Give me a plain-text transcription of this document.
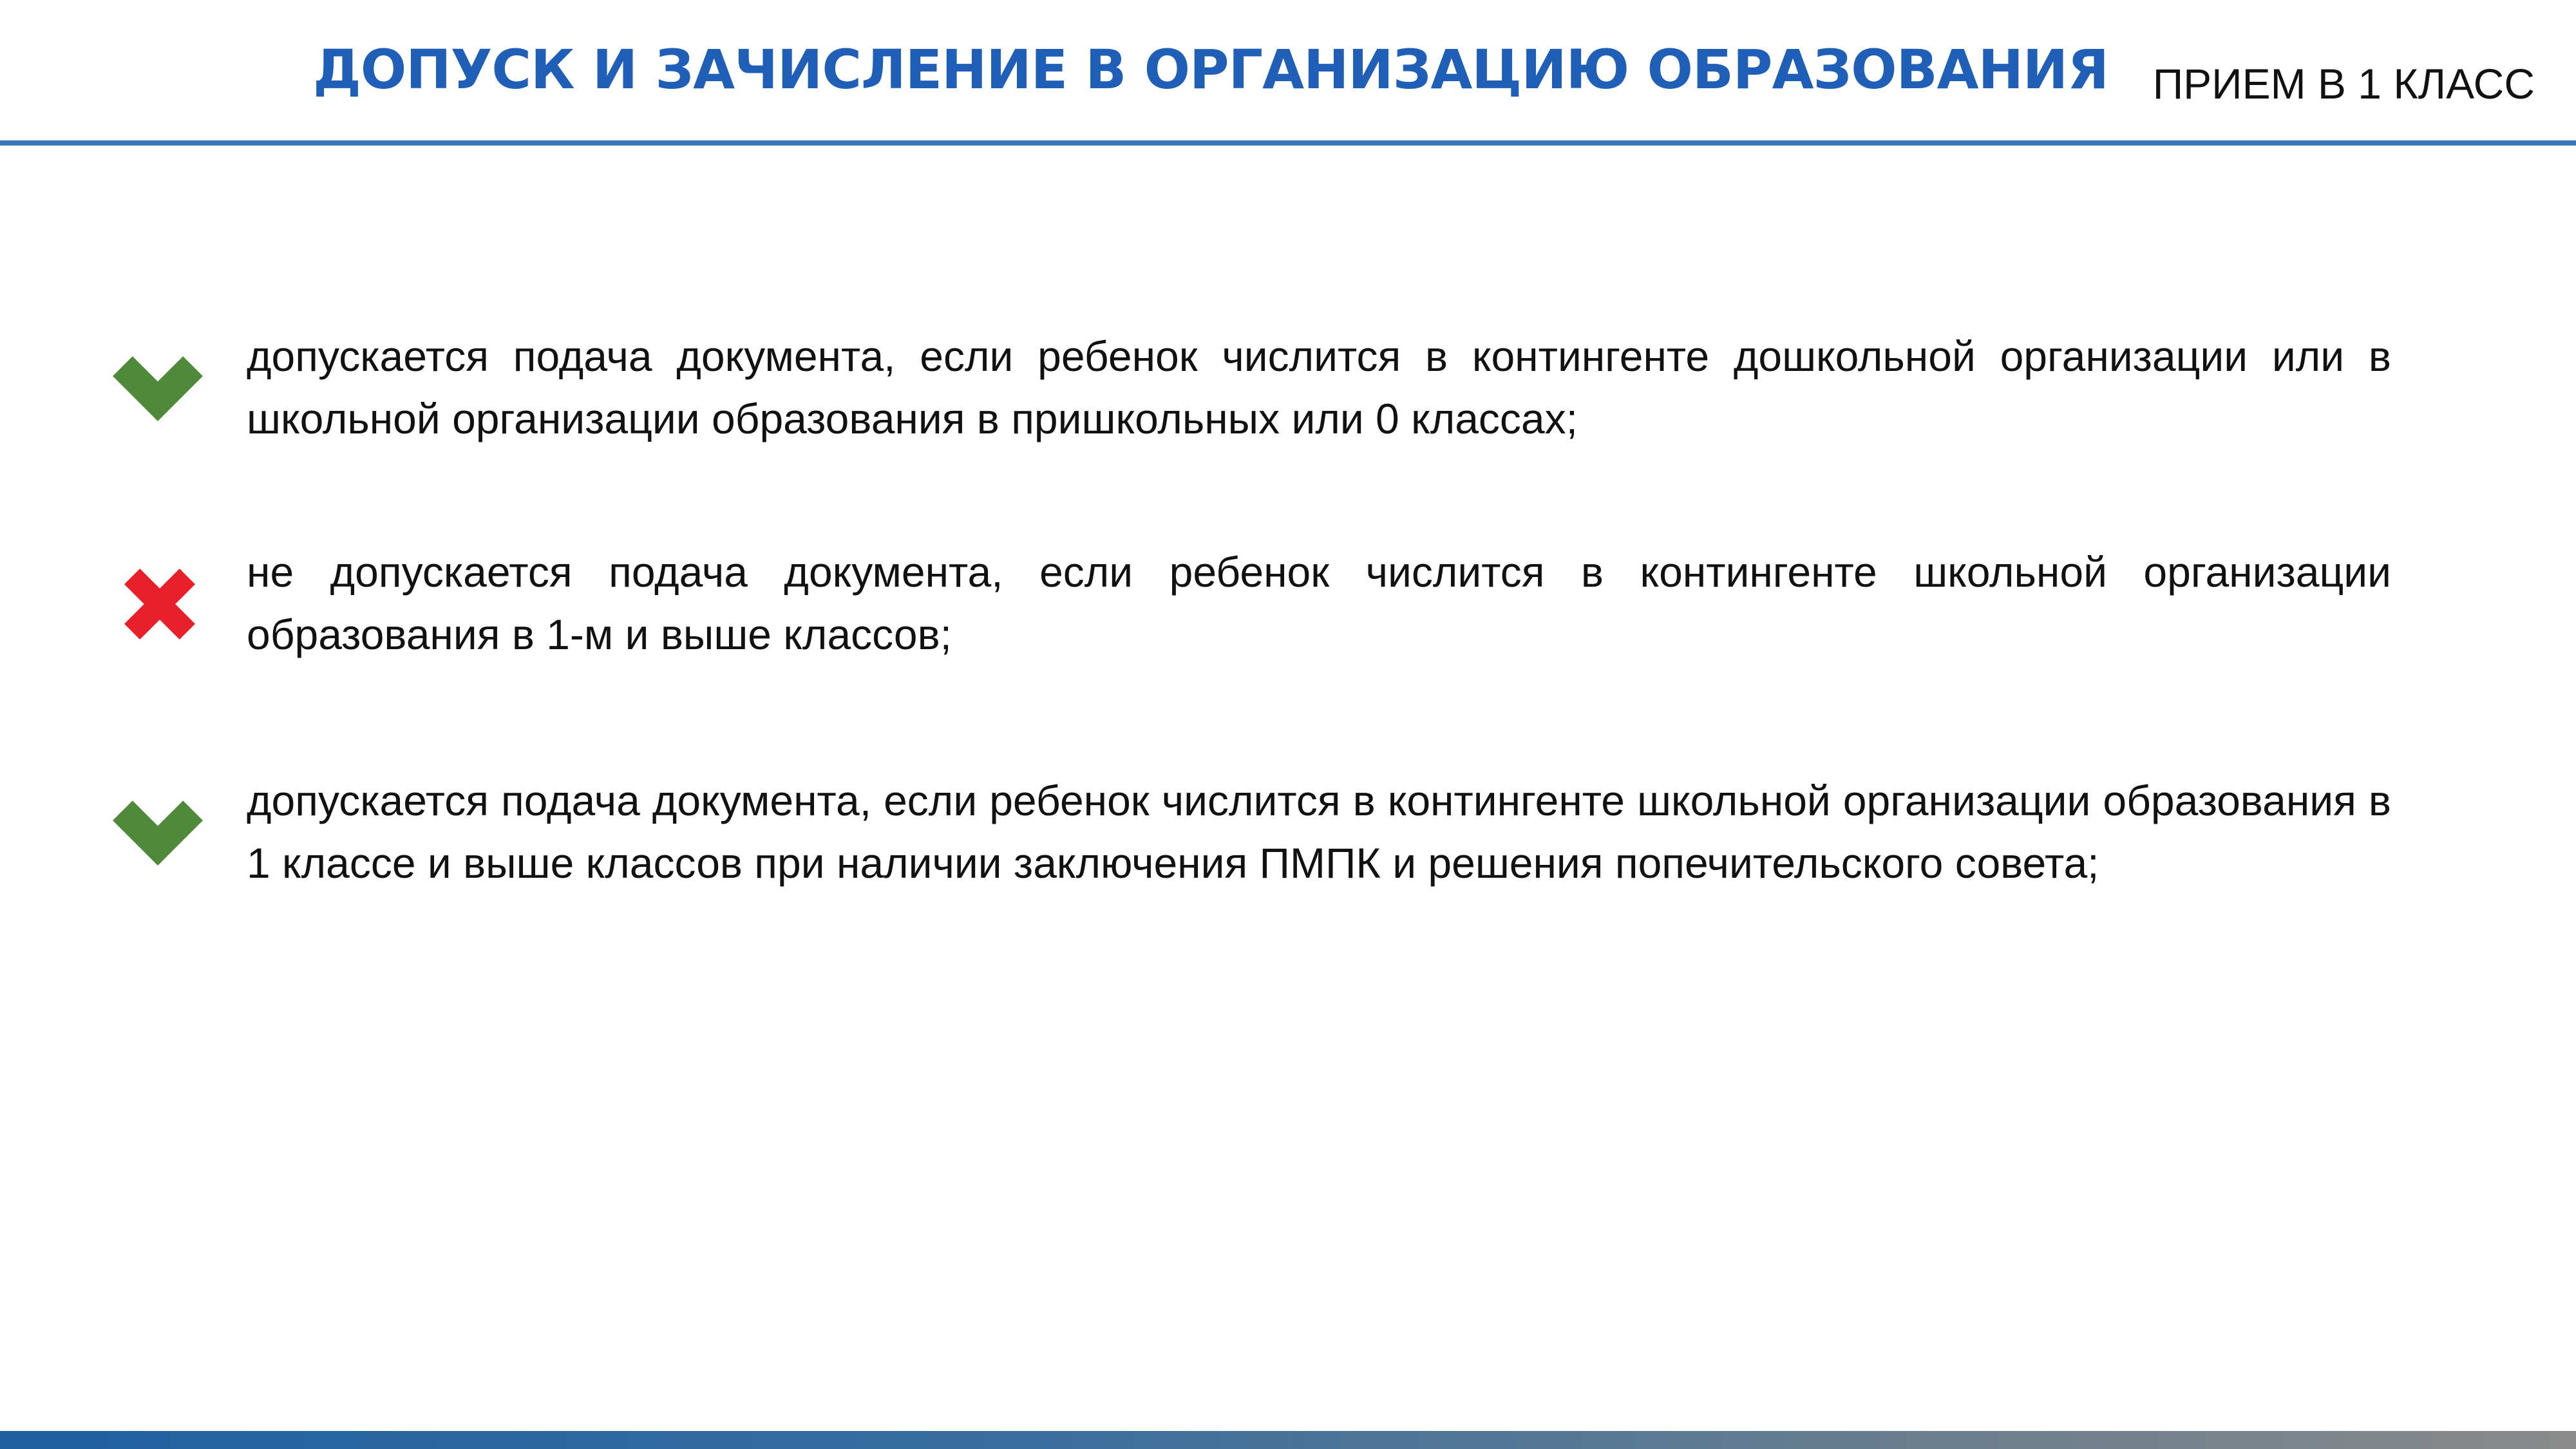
ДОПУСК И ЗАЧИСЛЕНИЕ В ОРГАНИЗАЦИЮ ОБРАЗОВАНИЯ	ПРИЕМ В 1 КЛАСС

допускается подача документа, если ребенок числится в контингенте дошкольной организации или в школьной организации образования в пришкольных или 0 классах;

не допускается подача документа, если ребенок числится в контингенте школьной организации образования в 1-м и выше классов;

допускается подача документа, если ребенок числится в контингенте школьной организации образования в 1 классе и выше классов при наличии заключения ПМПК и решения попечительского совета;
